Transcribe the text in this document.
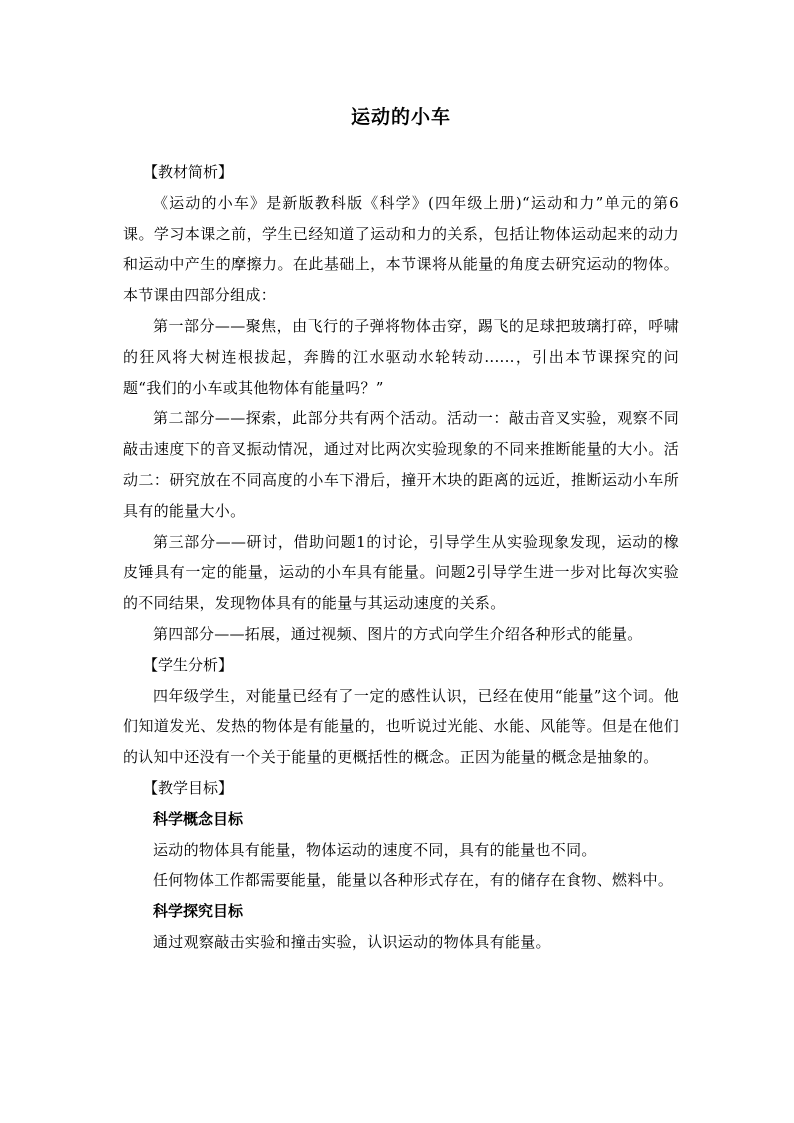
运动的小车

【教材简析】

《运动的小车》是新版教科版《科学》(四年级上册)“运动和力”单元的第6课。学习本课之前，学生已经知道了运动和力的关系，包括让物体运动起来的动力和运动中产生的摩擦力。在此基础上，本节课将从能量的角度去研究运动的物体。本节课由四部分组成：

第一部分——聚焦，由飞行的子弹将物体击穿，踢飞的足球把玻璃打碎，呼啸的狂风将大树连根拔起，奔腾的江水驱动水轮转动......，引出本节课探究的问题“我们的小车或其他物体有能量吗？”

第二部分——探索，此部分共有两个活动。活动一：敲击音叉实验，观察不同敲击速度下的音叉振动情况，通过对比两次实验现象的不同来推断能量的大小。活动二：研究放在不同高度的小车下滑后，撞开木块的距离的远近，推断运动小车所具有的能量大小。

第三部分——研讨，借助问题1的讨论，引导学生从实验现象发现，运动的橡皮锤具有一定的能量，运动的小车具有能量。问题2引导学生进一步对比每次实验的不同结果，发现物体具有的能量与其运动速度的关系。

第四部分——拓展，通过视频、图片的方式向学生介绍各种形式的能量。

【学生分析】

四年级学生，对能量已经有了一定的感性认识，已经在使用“能量”这个词。他们知道发光、发热的物体是有能量的，也听说过光能、水能、风能等。但是在他们的认知中还没有一个关于能量的更概括性的概念。正因为能量的概念是抽象的。

【教学目标】

科学概念目标

运动的物体具有能量，物体运动的速度不同，具有的能量也不同。

任何物体工作都需要能量，能量以各种形式存在，有的储存在食物、燃料中。

科学探究目标

通过观察敲击实验和撞击实验，认识运动的物体具有能量。
